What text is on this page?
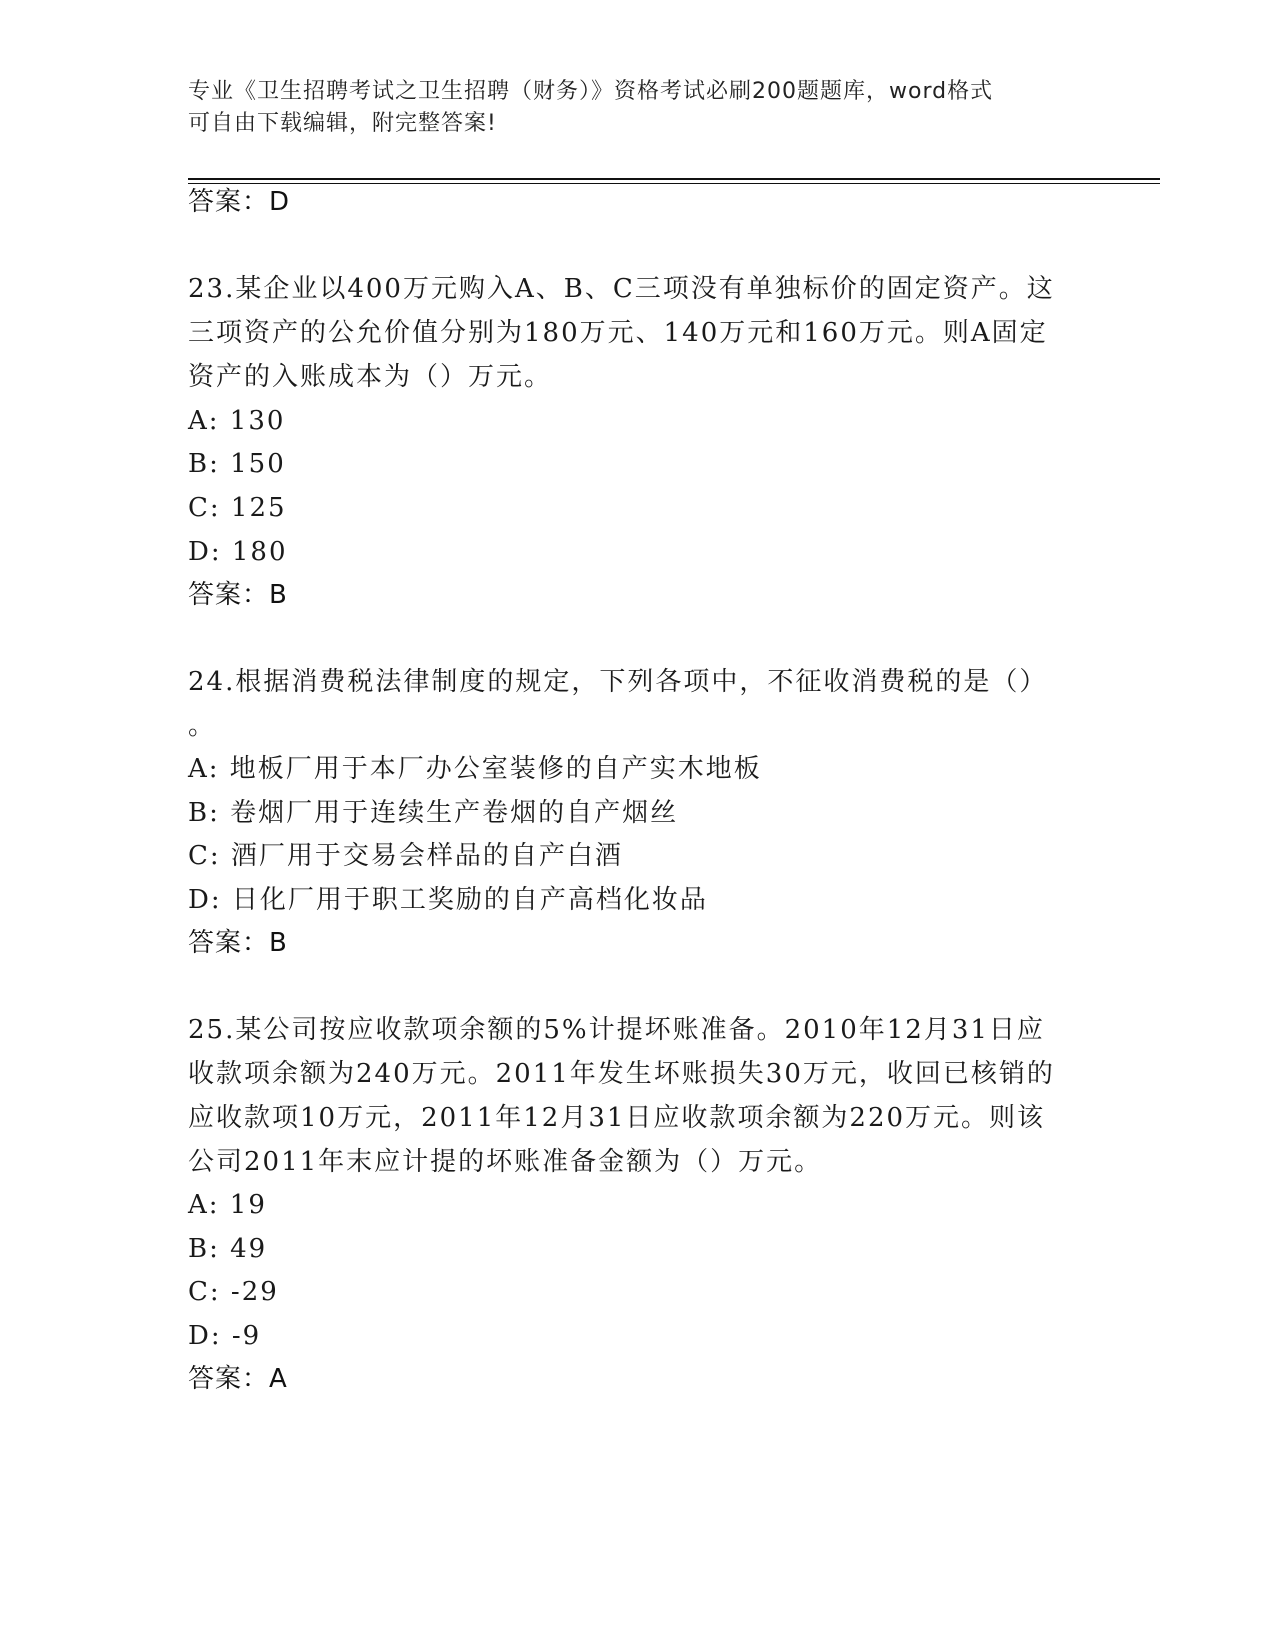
专业《卫生招聘考试之卫生招聘（财务）》资格考试必刷200题题库，word格式
可自由下载编辑，附完整答案!
答案：D
23.某企业以400万元购入A、B、C三项没有单独标价的固定资产。这
三项资产的公允价值分别为180万元、140万元和160万元。则A固定
资产的入账成本为（）万元。
A: 130
B: 150
C: 125
D: 180
答案：B
24.根据消费税法律制度的规定，下列各项中，不征收消费税的是（）
。
A: 地板厂用于本厂办公室装修的自产实木地板
B: 卷烟厂用于连续生产卷烟的自产烟丝
C: 酒厂用于交易会样品的自产白酒
D: 日化厂用于职工奖励的自产高档化妆品
答案：B
25.某公司按应收款项余额的5%计提坏账准备。2010年12月31日应
收款项余额为240万元。2011年发生坏账损失30万元，收回已核销的
应收款项10万元，2011年12月31日应收款项余额为220万元。则该
公司2011年末应计提的坏账准备金额为（）万元。
A: 19
B: 49
C: -29
D: -9
答案：A
